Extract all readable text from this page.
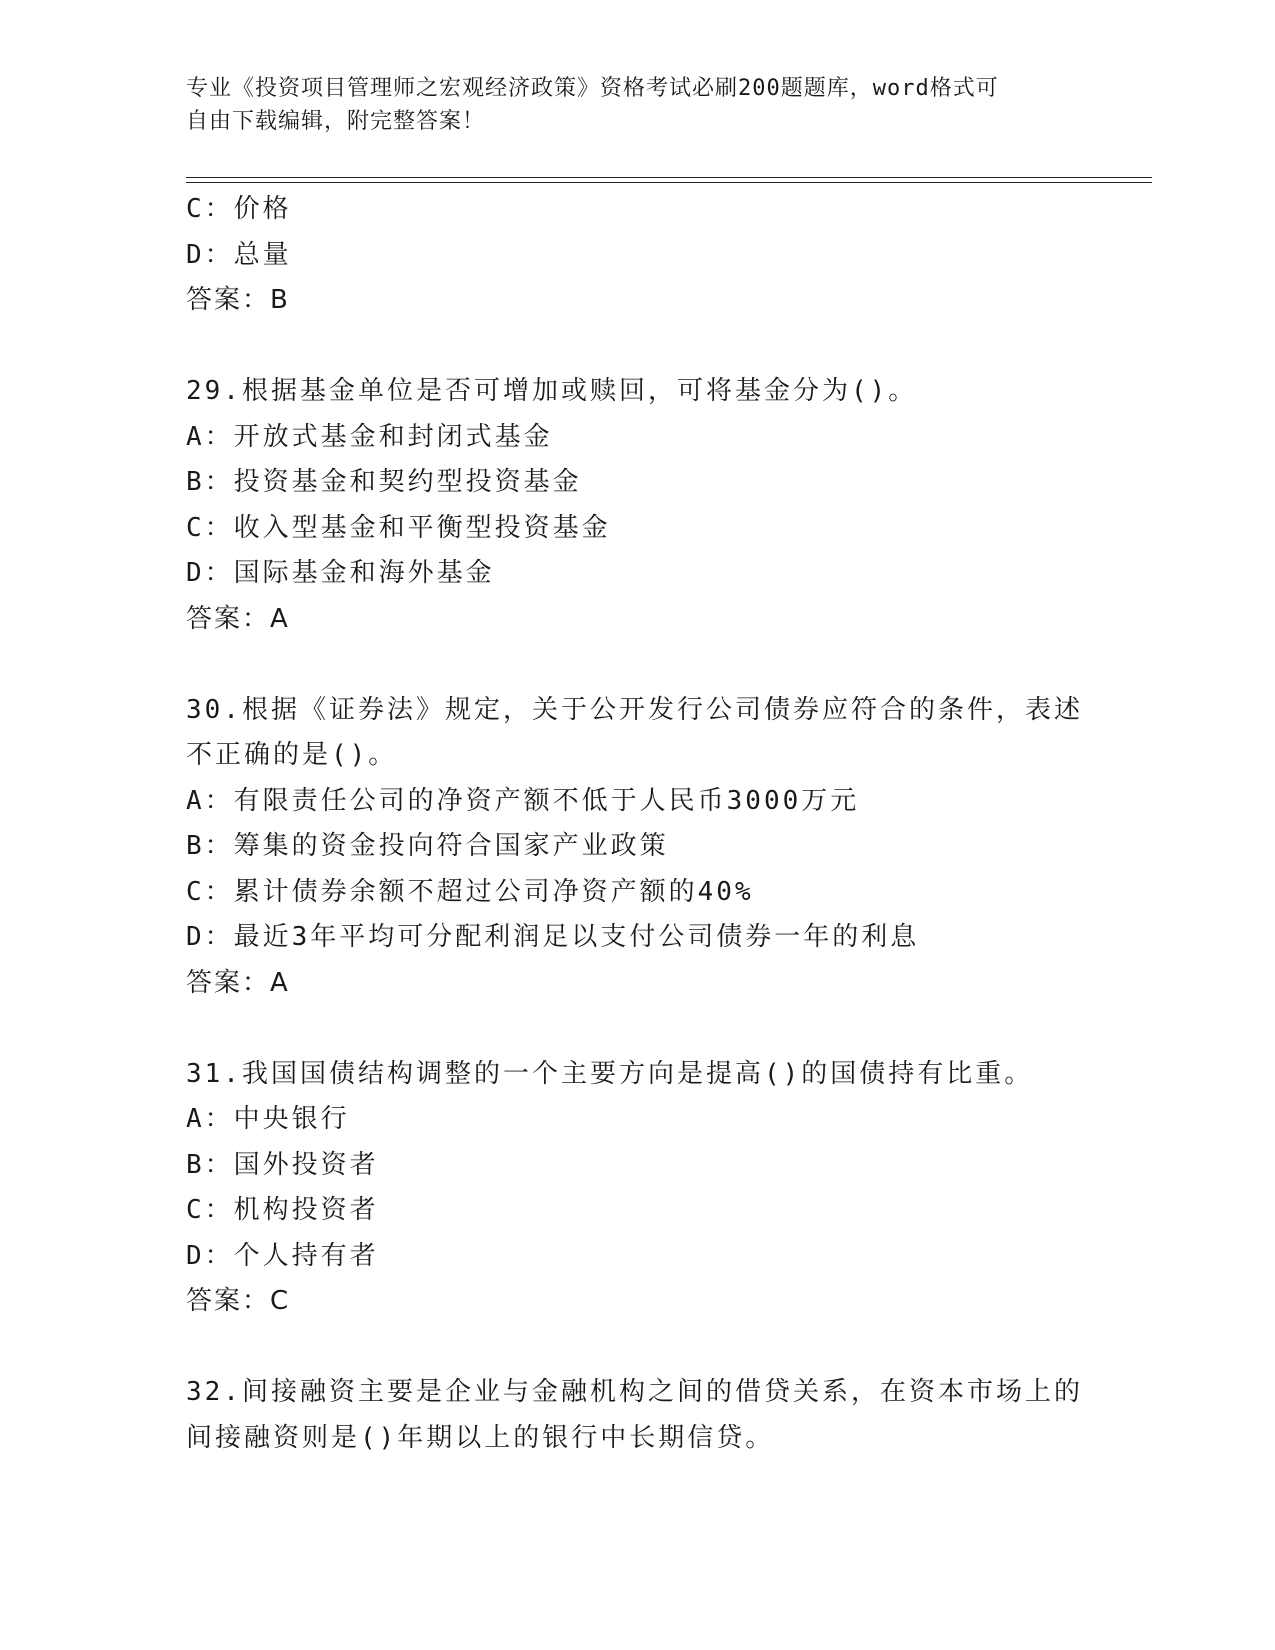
专业《投资项目管理师之宏观经济政策》资格考试必刷200题题库，word格式可
自由下载编辑，附完整答案！
C：价格
D：总量
答案：B
29.根据基金单位是否可增加或赎回，可将基金分为()。
A：开放式基金和封闭式基金
B：投资基金和契约型投资基金
C：收入型基金和平衡型投资基金
D：国际基金和海外基金
答案：A
30.根据《证券法》规定，关于公开发行公司债券应符合的条件，表述
不正确的是()。
A：有限责任公司的净资产额不低于人民币3000万元
B：筹集的资金投向符合国家产业政策
C：累计债券余额不超过公司净资产额的40%
D：最近3年平均可分配利润足以支付公司债券一年的利息
答案：A
31.我国国债结构调整的一个主要方向是提高()的国债持有比重。
A：中央银行
B：国外投资者
C：机构投资者
D：个人持有者
答案：C
32.间接融资主要是企业与金融机构之间的借贷关系，在资本市场上的
间接融资则是()年期以上的银行中长期信贷。
